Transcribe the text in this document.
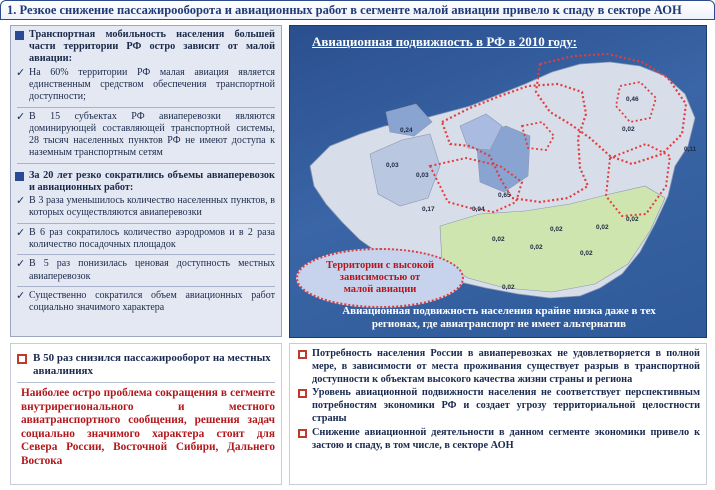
1. Резкое снижение пассажирооборота и авиационных работ в сегменте малой авиации привело к спаду в секторе АОН
Транспортная мобильность населения большей части территории РФ остро зависит от малой авиации:
✓ На 60% территории РФ малая авиация является единственным средством обеспечения транспортной доступности;
✓ В 15 субъектах РФ авиаперевозки являются доминирующей составляющей транспортной системы, 28 тысяч населенных пунктов РФ не имеют доступа к наземным транспортным сетям
За 20 лет резко сократились объемы авиаперевозок и авиационных работ:
✓ В 3 раза уменьшилось количество населенных пунктов, в которых осуществляются авиаперевозки
✓ В 6 раз сократилось количество аэродромов и в 2 раза количество посадочных площадок
✓ В 5 раз понизилась ценовая доступность местных авиаперевозок
✓ Существенно сократился объем авиационных работ социально значимого характера
В 50 раз снизился пассажирооборот на местных авиалиниях
Наиболее острo проблема сокращения в сегменте внутрирегионального и местного авиатранспортного сообщения, решения задач социально значимого характера стоит для Севера России, Восточной Сибири, Дальнего Востока
Авиационная подвижность в РФ в 2010 году:
0,24
0,03
0,03
0,17
0,65
0,04
0,46
0,02
0,11
0,02
0,02
0,02
0,02
0,02
0,02
0,02
Территории с высокой зависимостью от малой авиации
Авиационная подвижность населения крайне низка даже в тех
регионах, где авиатранспорт не имеет альтернатив
Потребность населения России в авиаперевозках не удовлетворяется в полной мере, в зависимости от места проживания существует разрыв в транспортной доступности к объектам высокого качества жизни страны и региона
Уровень авиационной подвижности населения не соответствует перспективным потребностям экономики РФ и создает угрозу территориальной целостности страны
Снижение авиационной деятельности в данном сегменте экономики привело к застою и спаду, в том числе, в секторе АОН
